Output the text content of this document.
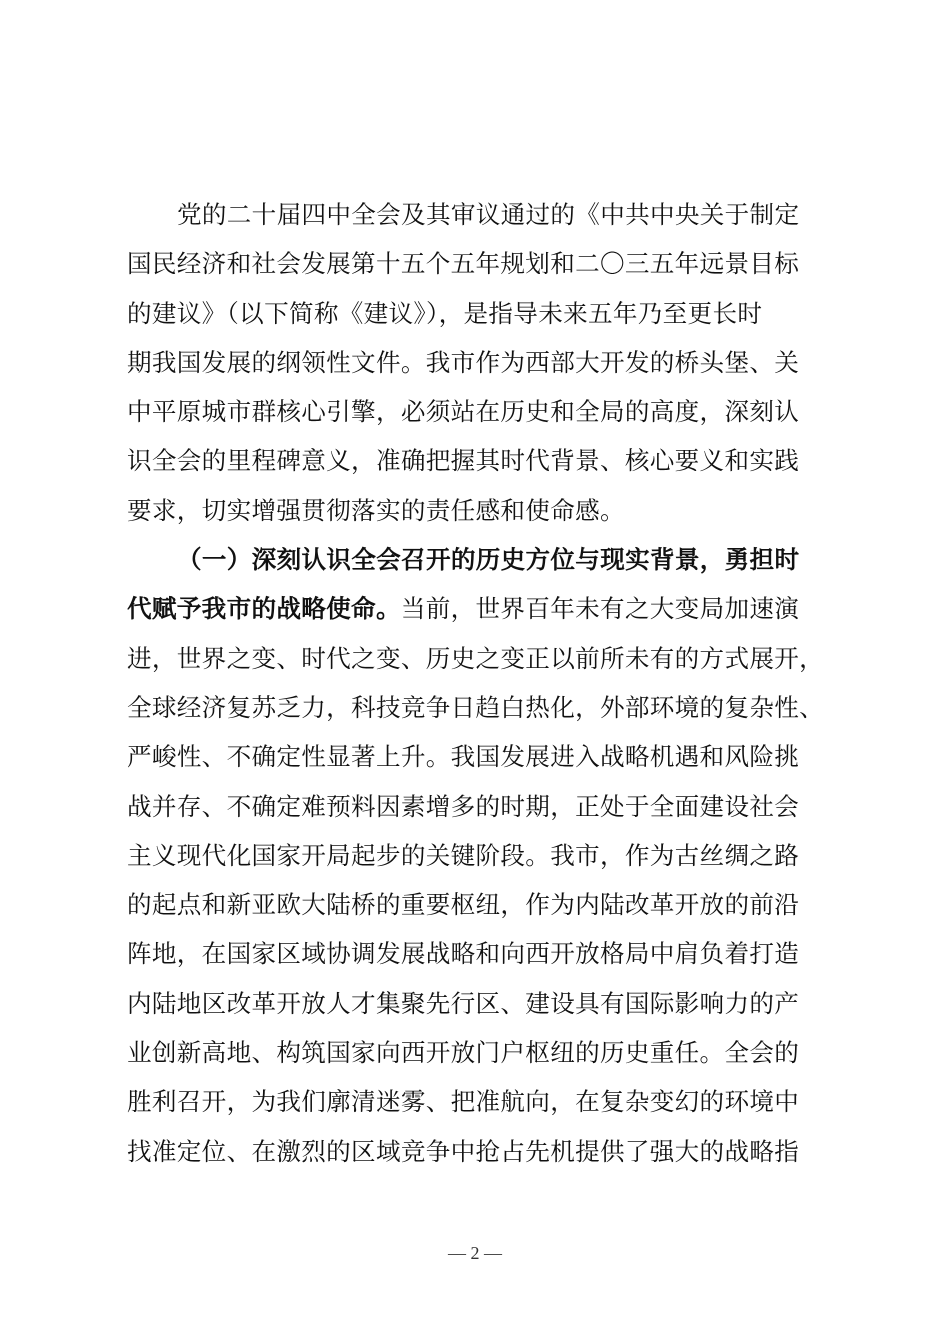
党的二十届四中全会及其审议通过的《中共中央关于制定
国民经济和社会发展第十五个五年规划和二〇三五年远景目标
的建议》（以下简称《建议》），是指导未来五年乃至更长时
期我国发展的纲领性文件。我市作为西部大开发的桥头堡、关
中平原城市群核心引擎，必须站在历史和全局的高度，深刻认
识全会的里程碑意义，准确把握其时代背景、核心要义和实践
要求，切实增强贯彻落实的责任感和使命感。
（一）深刻认识全会召开的历史方位与现实背景，勇担时
代赋予我市的战略使命。当前，世界百年未有之大变局加速演
进，世界之变、时代之变、历史之变正以前所未有的方式展开，
全球经济复苏乏力，科技竞争日趋白热化，外部环境的复杂性、
严峻性、不确定性显著上升。我国发展进入战略机遇和风险挑
战并存、不确定难预料因素增多的时期，正处于全面建设社会
主义现代化国家开局起步的关键阶段。我市，作为古丝绸之路
的起点和新亚欧大陆桥的重要枢纽，作为内陆改革开放的前沿
阵地，在国家区域协调发展战略和向西开放格局中肩负着打造
内陆地区改革开放人才集聚先行区、建设具有国际影响力的产
业创新高地、构筑国家向西开放门户枢纽的历史重任。全会的
胜利召开，为我们廓清迷雾、把准航向，在复杂变幻的环境中
找准定位、在激烈的区域竞争中抢占先机提供了强大的战略指
— 2 —
